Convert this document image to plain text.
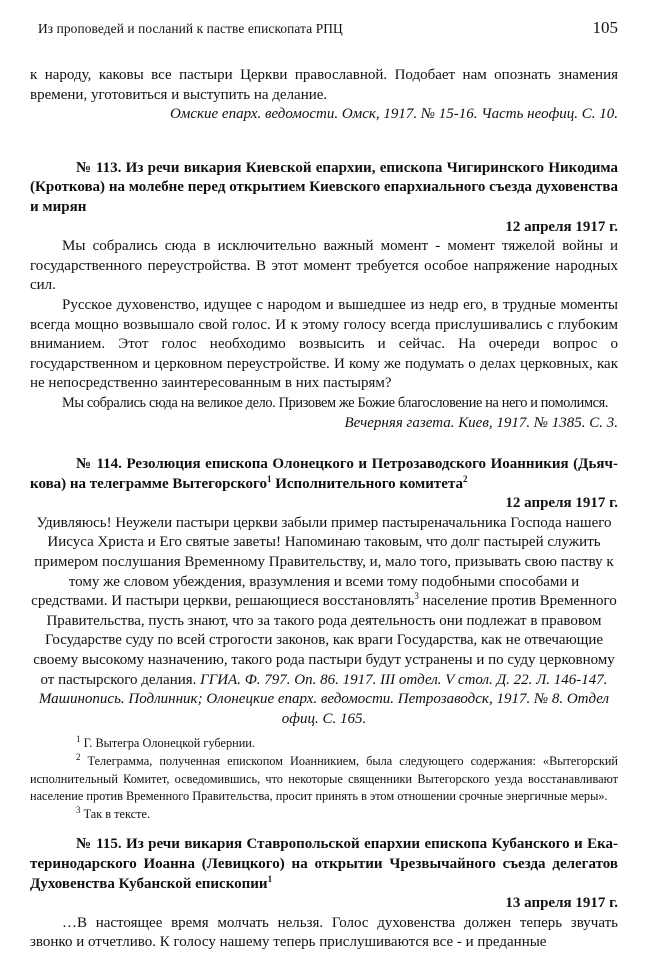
Из проповедей и посланий к пастве епископата РПЦ	105

к народу, каковы все пастыри Церкви православной. Подобает нам опознать знамения времени, уготовиться и выступить на делание.

Омские епарх. ведомости. Омск, 1917. № 15-16. Часть неофиц. С. 10.

№ 113. Из речи викария Киевской епархии, епископа Чигиринского Никодима (Кроткова) на молебне перед открытием Киевского епархиального съезда духовенства и мирян

12 апреля 1917 г.

Мы собрались сюда в исключительно важный момент - момент тяжелой войны и государственного переустройства. В этот момент требуется особое напряжение народных сил.

Русское духовенство, идущее с народом и вышедшее из недр его, в трудные моменты всегда мощно возвышало свой голос. И к этому голосу всегда прислушивались с глубоким вниманием. Этот голос необходимо возвысить и сейчас. На очереди вопрос о государственном и церковном переустройстве. И кому же подумать о делах церковных, как не непосредственно заинтересованным в них пастырям?

Мы собрались сюда на великое дело. Призовем же Божие благословение на него и помолимся.

Вечерняя газета. Киев, 1917. № 1385. С. 3.

№ 114. Резолюция епископа Олонецкого и Петрозаводского Иоанникия (Дьяч-кова) на телеграмме Вытегорского$^1$ Исполнительного комитета$^2$

12 апреля 1917 г.

Удивляюсь! Неужели пастыри церкви забыли пример пастыреначальника Господа нашего Иисуса Христа и Его святые заветы! Напоминаю таковым, что долг пастырей служить примером послушания Временному Правительству, и, мало того, призывать свою паству к тому же словом убеждения, вразумления и всеми тому подобными способами и средствами. И пастыри церкви, решающиеся восстановлять$^3$ население против Временного Правительства, пусть знают, что за такого рода деятельность они подлежат в правовом Государстве суду по всей строгости законов, как враги Государства, как не отвечающие своему высокому назначению, такого рода пастыри будут устранены и по суду церковному от пастырского делания. ГГИА. Ф. 797. Оп. 86. 1917. III отдел. V стол. Д. 22. Л. 146-147. Машинопись. Подлинник; Олонецкие епарх. ведомости. Петрозаводск, 1917. № 8. Отдел офиц. С. 165.

$^1$ Г. Вытегра Олонецкой губернии.

$^2$ Телеграмма, полученная епископом Иоанникием, была следующего содержания: «Вытегорский исполнительный Комитет, осведомившись, что некоторые священники Вытегорского уезда восстанавливают население против Временного Правительства, просит принять в этом отношении срочные энергичные меры».

$^3$ Так в тексте.

№ 115. Из речи викария Ставропольской епархии епископа Кубанского и Ека-теринодарского Иоанна (Левицкого) на открытии Чрезвычайного съезда делегатов Духовенства Кубанской епископии$^1$

13 апреля 1917 г.

…В настоящее время молчать нельзя. Голос духовенства должен теперь звучать звонко и отчетливо. К голосу нашему теперь прислушиваются все - и преданные
